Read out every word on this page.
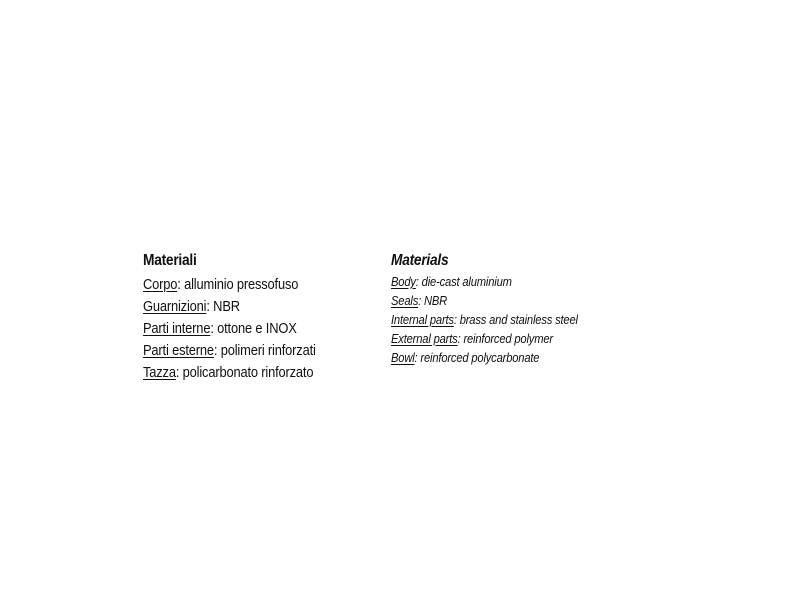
Materiali
Corpo: alluminio pressofuso
Guarnizioni: NBR
Parti interne: ottone e INOX
Parti esterne: polimeri rinforzati
Tazza: policarbonato rinforzato
Materials
Body: die-cast aluminium
Seals: NBR
Internal parts: brass and stainless steel
External parts: reinforced polymer
Bowl: reinforced polycarbonate
